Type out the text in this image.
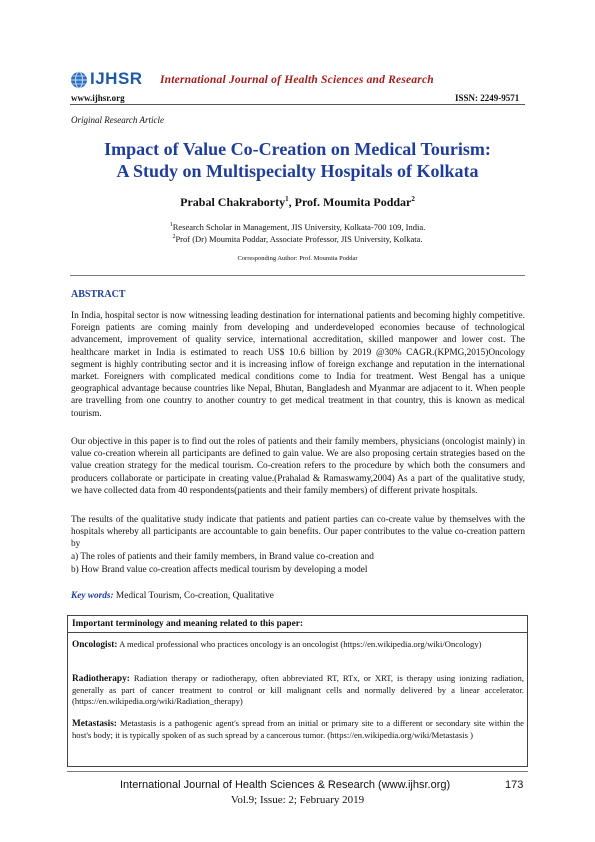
IJHSR International Journal of Health Sciences and Research
www.ijhsr.org	ISSN: 2249-9571
Original Research Article
Impact of Value Co-Creation on Medical Tourism:
A Study on Multispecialty Hospitals of Kolkata
Prabal Chakraborty$^1$, Prof. Moumita Poddar$^2$
$^1$Research Scholar in Management, JIS University, Kolkata-700 109, India.
$^2$Prof (Dr) Moumita Poddar, Associate Professor, JIS University, Kolkata.
Corresponding Author: Prof. Moumita Poddar
ABSTRACT
In India, hospital sector is now witnessing leading destination for international patients and becoming highly competitive. Foreign patients are coming mainly from developing and underdeveloped economies because of technological advancement, improvement of quality service, international accreditation, skilled manpower and lower cost. The healthcare market in India is estimated to reach US$ 10.6 billion by 2019 @30% CAGR.(KPMG,2015)Oncology segment is highly contributing sector and it is increasing inflow of foreign exchange and reputation in the international market. Foreigners with complicated medical conditions come to India for treatment. West Bengal has a unique geographical advantage because countries like Nepal, Bhutan, Bangladesh and Myanmar are adjacent to it. When people are travelling from one country to another country to get medical treatment in that country, this is known as medical tourism.
Our objective in this paper is to find out the roles of patients and their family members, physicians (oncologist mainly) in value co-creation wherein all participants are defined to gain value. We are also proposing certain strategies based on the value creation strategy for the medical tourism. Co-creation refers to the procedure by which both the consumers and producers collaborate or participate in creating value.(Prahalad & Ramaswamy,2004) As a part of the qualitative study, we have collected data from 40 respondents(patients and their family members) of different private hospitals.
The results of the qualitative study indicate that patients and patient parties can co-create value by themselves with the hospitals whereby all participants are accountable to gain benefits. Our paper contributes to the value co-creation pattern by
a) The roles of patients and their family members, in Brand value co-creation and
b) How Brand value co-creation affects medical tourism by developing a model
Key words: Medical Tourism, Co-creation, Qualitative
Important terminology and meaning related to this paper:
Oncologist: A medical professional who practices oncology is an oncologist (https://en.wikipedia.org/wiki/Oncology)
Radiotherapy: Radiation therapy or radiotherapy, often abbreviated RT, RTx, or XRT, is therapy using ionizing radiation, generally as part of cancer treatment to control or kill malignant cells and normally delivered by a linear accelerator. (https://en.wikipedia.org/wiki/Radiation_therapy)
Metastasis: Metastasis is a pathogenic agent's spread from an initial or primary site to a different or secondary site within the host's body; it is typically spoken of as such spread by a cancerous tumor. (https://en.wikipedia.org/wiki/Metastasis )
International Journal of Health Sciences & Research (www.ijhsr.org)	173
Vol.9; Issue: 2; February 2019
